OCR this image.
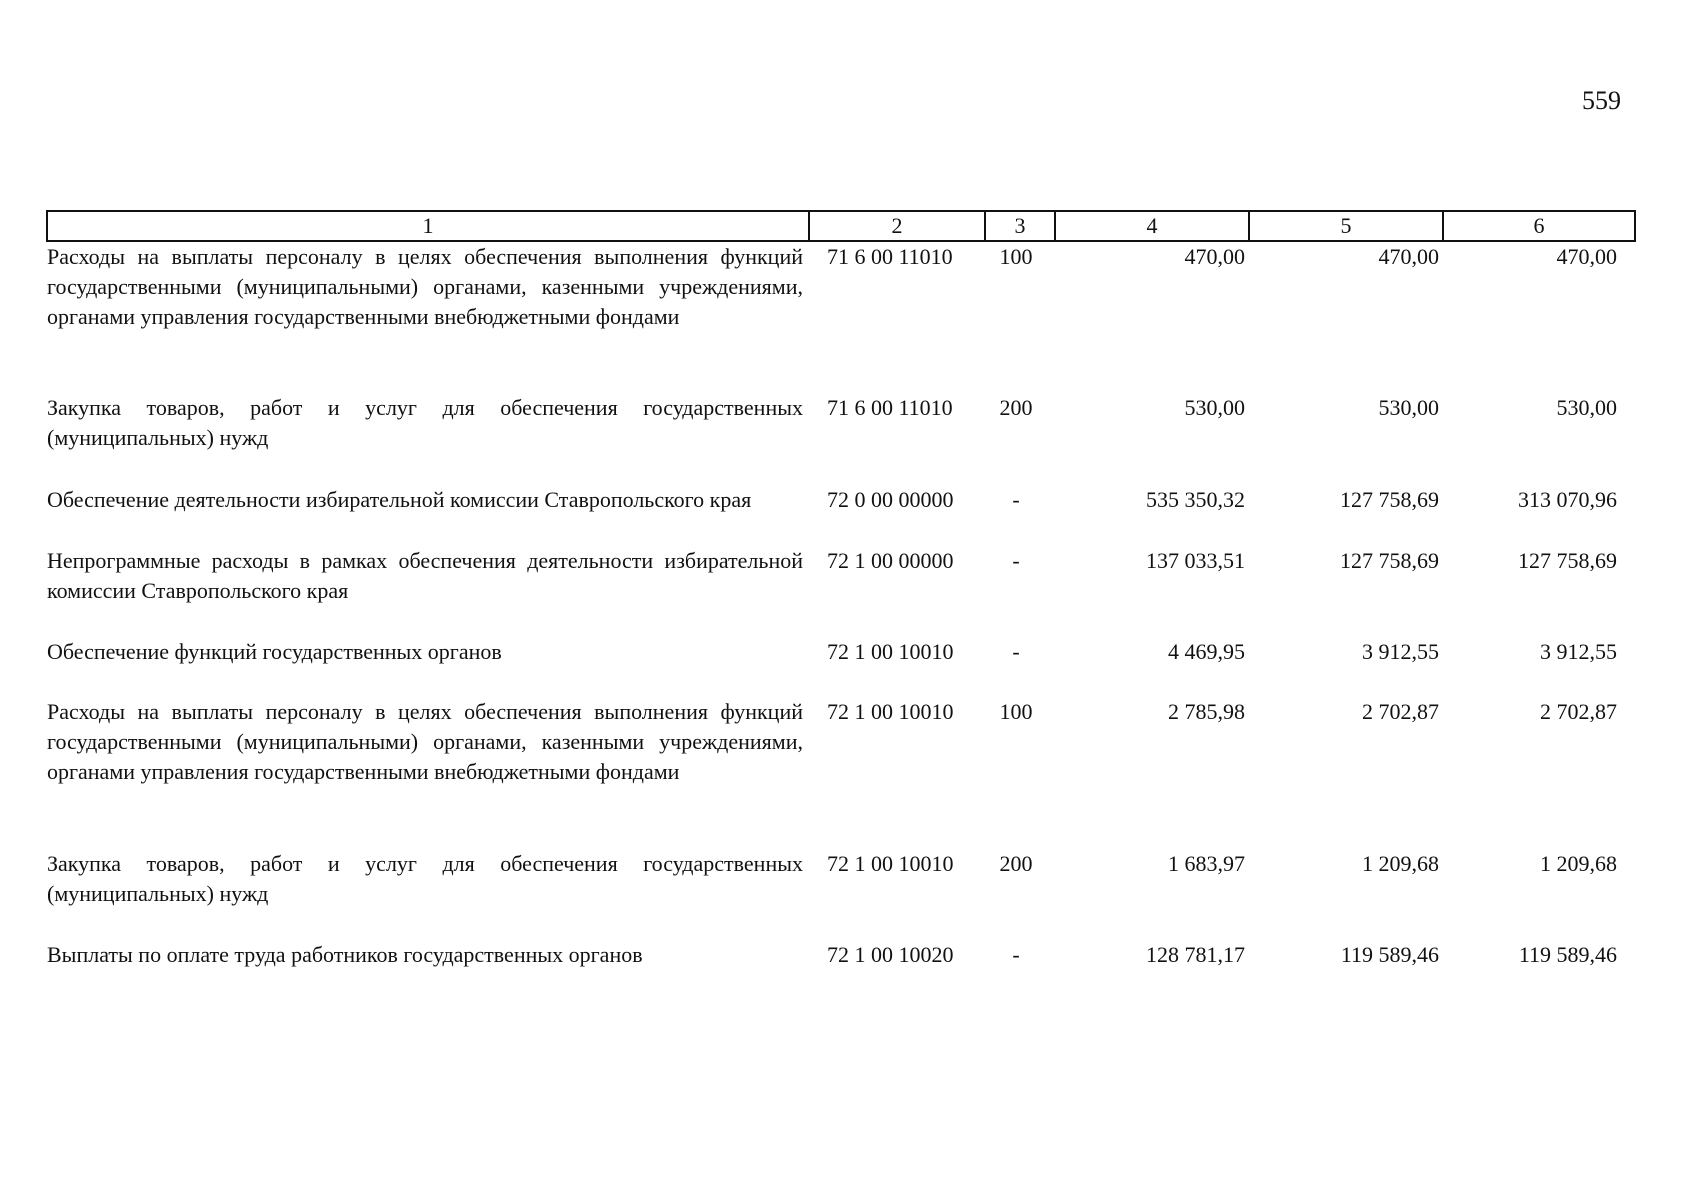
559
1	2	3	4	5	6
Расходы на выплаты персоналу в целях обеспечения выполнения функций государственными (муниципальными) органами, казенными учреждениями, органами управления государственными внебюджетными фондами	71 6 00 11010	100	470,00	470,00	470,00
Закупка товаров, работ и услуг для обеспечения государственных (муниципальных) нужд	71 6 00 11010	200	530,00	530,00	530,00
Обеспечение деятельности избирательной комиссии Ставропольского края	72 0 00 00000	-	535 350,32	127 758,69	313 070,96
Непрограммные расходы в рамках обеспечения деятельности избирательной комиссии Ставропольского края	72 1 00 00000	-	137 033,51	127 758,69	127 758,69
Обеспечение функций государственных органов	72 1 00 10010	-	4 469,95	3 912,55	3 912,55
Расходы на выплаты персоналу в целях обеспечения выполнения функций государственными (муниципальными) органами, казенными учреждениями, органами управления государственными внебюджетными фондами	72 1 00 10010	100	2 785,98	2 702,87	2 702,87
Закупка товаров, работ и услуг для обеспечения государственных (муниципальных) нужд	72 1 00 10010	200	1 683,97	1 209,68	1 209,68
Выплаты по оплате труда работников государственных органов	72 1 00 10020	-	128 781,17	119 589,46	119 589,46
